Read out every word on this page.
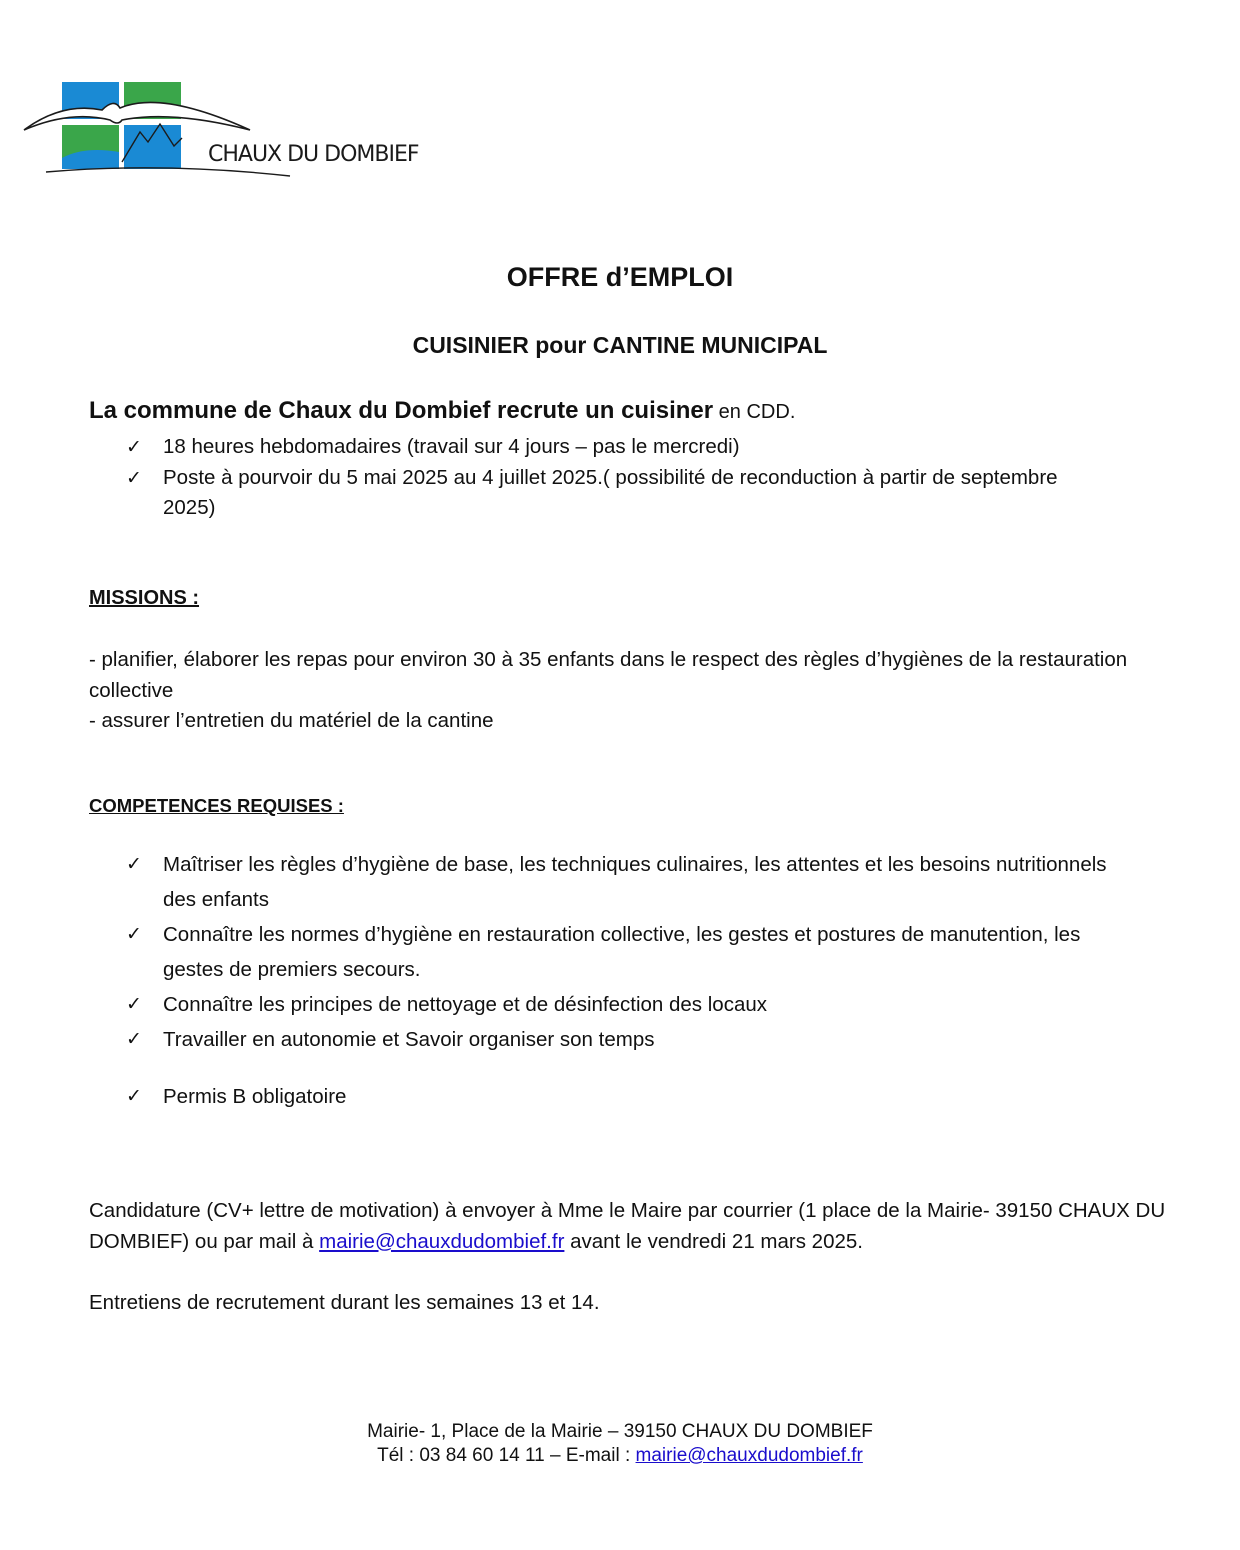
CHAUX DU DOMBIEF
OFFRE d’EMPLOI
CUISINIER pour CANTINE MUNICIPAL
La commune de Chaux du Dombief recrute un cuisiner en CDD.
✓ 18 heures hebdomadaires (travail sur 4 jours – pas le mercredi)
✓ Poste à pourvoir du 5 mai 2025 au 4 juillet 2025.( possibilité de reconduction à partir de septembre 2025)
MISSIONS :
- planifier, élaborer les repas pour environ 30 à 35 enfants dans le respect des règles d’hygiènes de la restauration collective
- assurer l’entretien du matériel de la cantine
COMPETENCES REQUISES :
✓ Maîtriser les règles d’hygiène de base, les techniques culinaires, les attentes et les besoins nutritionnels des enfants
✓ Connaître les normes d’hygiène en restauration collective, les gestes et postures de manutention, les gestes de premiers secours.
✓ Connaître les principes de nettoyage et de désinfection des locaux
✓ Travailler en autonomie et Savoir organiser son temps
✓ Permis B obligatoire
Candidature (CV+ lettre de motivation) à envoyer à Mme le Maire par courrier (1 place de la Mairie- 39150 CHAUX DU DOMBIEF) ou par mail à mairie@chauxdudombief.fr avant le vendredi 21 mars 2025.
Entretiens de recrutement durant les semaines 13 et 14.
Mairie- 1, Place de la Mairie – 39150 CHAUX DU DOMBIEF
Tél : 03 84 60 14 11 – E-mail : mairie@chauxdudombief.fr
